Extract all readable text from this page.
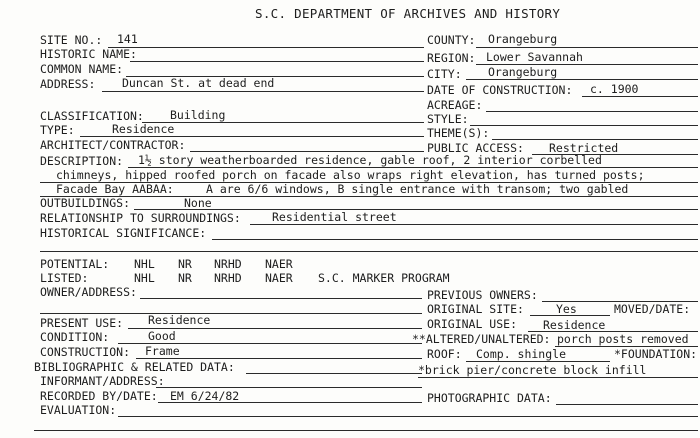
S.C. DEPARTMENT OF ARCHIVES AND HISTORY
SITE NO.: 141
HISTORIC NAME:
COMMON NAME:
ADDRESS: Duncan St. at dead end
COUNTY: Orangeburg
REGION: Lower Savannah
CITY: Orangeburg
DATE OF CONSTRUCTION: c. 1900
ACREAGE:
STYLE:
THEME(S):
PUBLIC ACCESS: Restricted
CLASSIFICATION: Building
TYPE:	Residence
ARCHITECT/CONTRACTOR:
DESCRIPTION: 1½ story weatherboarded residence, gable roof, 2 interior corbelled
chimneys, hipped roofed porch on facade also wraps right elevation, has turned posts;
Facade Bay AABAA:	A are 6/6 windows, B single entrance with transom; two gabled
OUTBUILDINGS:	None
RELATIONSHIP TO SURROUNDINGS:	Residential street
HISTORICAL SIGNIFICANCE:
POTENTIAL: NHL NR NRHD NAER
LISTED:	NHL NR NRHD NAER S.C. MARKER PROGRAM
OWNER/ADDRESS:	PREVIOUS OWNERS:
ORIGINAL SITE:	Yes	MOVED/DATE:
ORIGINAL USE: Residence
PRESENT USE: Residence
CONDITION:	Good	**ALTERED/UNALTERED: porch posts removed
CONSTRUCTION: Frame	ROOF: Comp. shingle	*FOUNDATION:
BIBLIOGRAPHIC & RELATED DATA:	*brick pier/concrete block infill
INFORMANT/ADDRESS:
RECORDED BY/DATE: EM 6/24/82	PHOTOGRAPHIC DATA:
EVALUATION:
